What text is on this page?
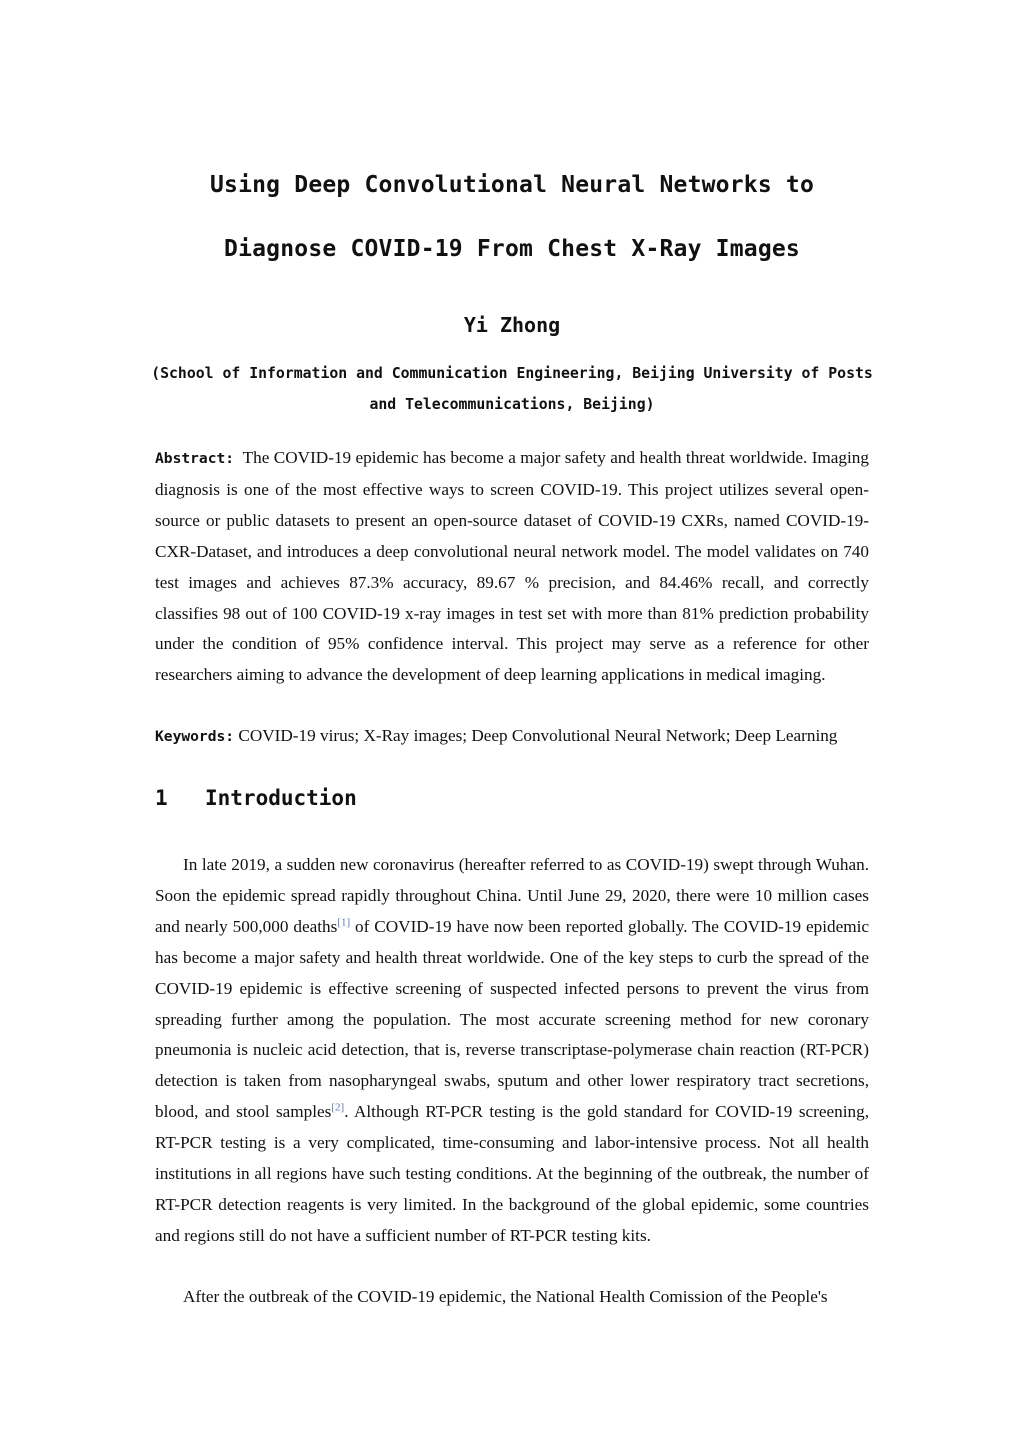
Using Deep Convolutional Neural Networks to
Diagnose COVID-19 From Chest X-Ray Images
Yi Zhong
(School of Information and Communication Engineering, Beijing University of Posts and Telecommunications, Beijing)

Abstract: The COVID-19 epidemic has become a major safety and health threat worldwide. Imaging diagnosis is one of the most effective ways to screen COVID-19. This project utilizes several open-source or public datasets to present an open-source dataset of COVID-19 CXRs, named COVID-19-CXR-Dataset, and introduces a deep convolutional neural network model. The model validates on 740 test images and achieves 87.3% accuracy, 89.67 % precision, and 84.46% recall, and correctly classifies 98 out of 100 COVID-19 x-ray images in test set with more than 81% prediction probability under the condition of 95% confidence interval. This project may serve as a reference for other researchers aiming to advance the development of deep learning applications in medical imaging.

Keywords: COVID-19 virus; X-Ray images; Deep Convolutional Neural Network; Deep Learning

1 Introduction

In late 2019, a sudden new coronavirus (hereafter referred to as COVID-19) swept through Wuhan. Soon the epidemic spread rapidly throughout China. Until June 29, 2020, there were 10 million cases and nearly 500,000 deaths[1] of COVID-19 have now been reported globally. The COVID-19 epidemic has become a major safety and health threat worldwide. One of the key steps to curb the spread of the COVID-19 epidemic is effective screening of suspected infected persons to prevent the virus from spreading further among the population. The most accurate screening method for new coronary pneumonia is nucleic acid detection, that is, reverse transcriptase-polymerase chain reaction (RT-PCR) detection is taken from nasopharyngeal swabs, sputum and other lower respiratory tract secretions, blood, and stool samples[2]. Although RT-PCR testing is the gold standard for COVID-19 screening, RT-PCR testing is a very complicated, time-consuming and labor-intensive process. Not all health institutions in all regions have such testing conditions. At the beginning of the outbreak, the number of RT-PCR detection reagents is very limited. In the background of the global epidemic, some countries and regions still do not have a sufficient number of RT-PCR testing kits.

After the outbreak of the COVID-19 epidemic, the National Health Comission of the People's
